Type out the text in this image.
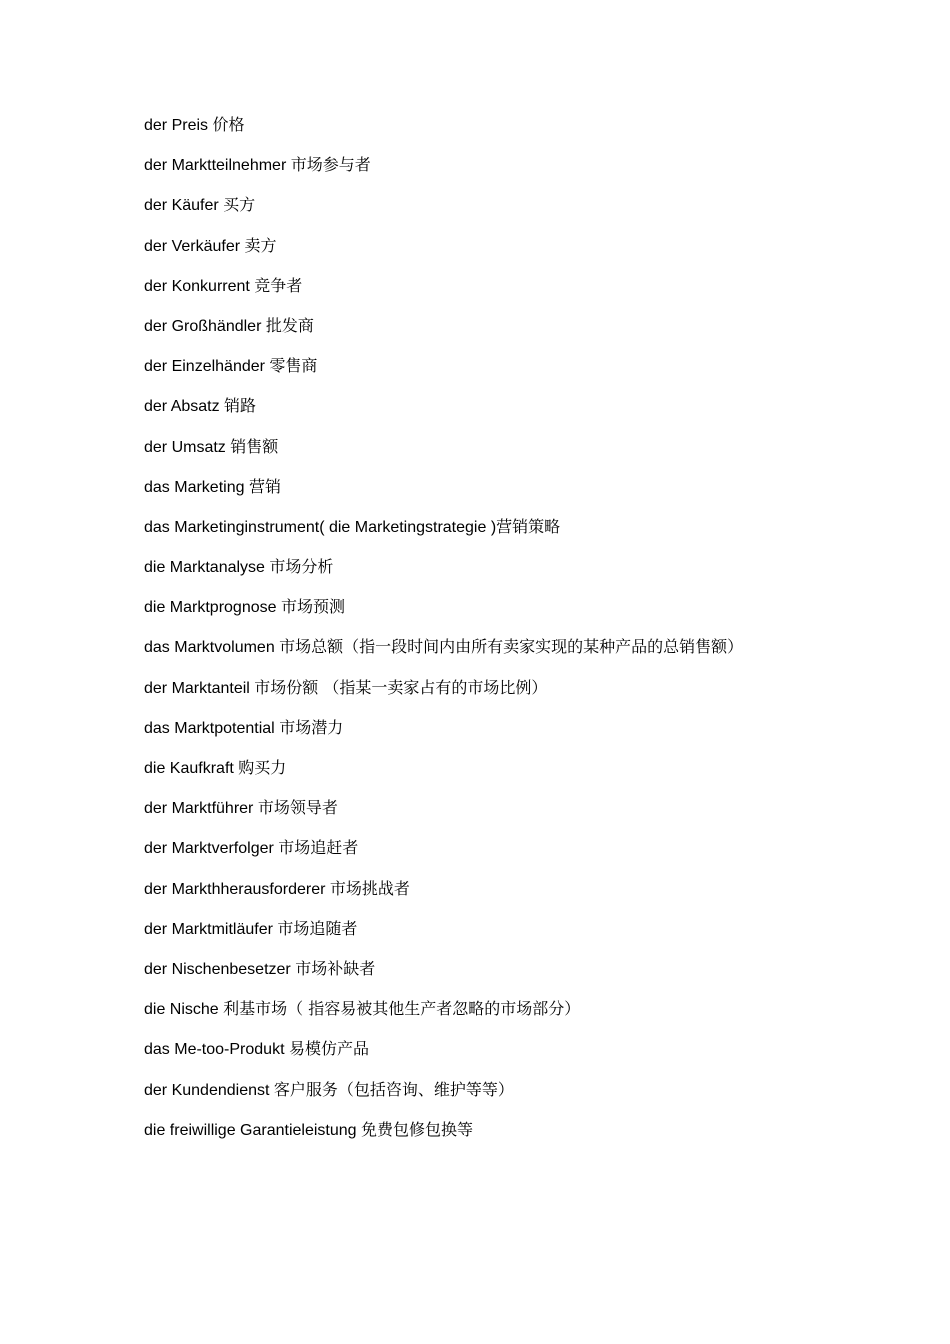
der Preis 价格
der Marktteilnehmer 市场参与者
der Käufer 买方
der Verkäufer 卖方
der Konkurrent 竞争者
der Großhändler 批发商
der Einzelhänder 零售商
der Absatz 销路
der Umsatz 销售额
das Marketing 营销
das Marketinginstrument( die Marketingstrategie )营销策略
die Marktanalyse 市场分析
die Marktprognose 市场预测
das Marktvolumen 市场总额（指一段时间内由所有卖家实现的某种产品的总销售额）
der Marktanteil 市场份额 （指某一卖家占有的市场比例）
das Marktpotential 市场潜力
die Kaufkraft 购买力
der Marktführer 市场领导者
der Marktverfolger 市场追赶者
der Markthherausforderer 市场挑战者
der Marktmitläufer 市场追随者
der Nischenbesetzer 市场补缺者
die Nische 利基市场（ 指容易被其他生产者忽略的市场部分）
das Me-too-Produkt 易模仿产品
der Kundendienst 客户服务（包括咨询、维护等等）
die freiwillige Garantieleistung 免费包修包换等
